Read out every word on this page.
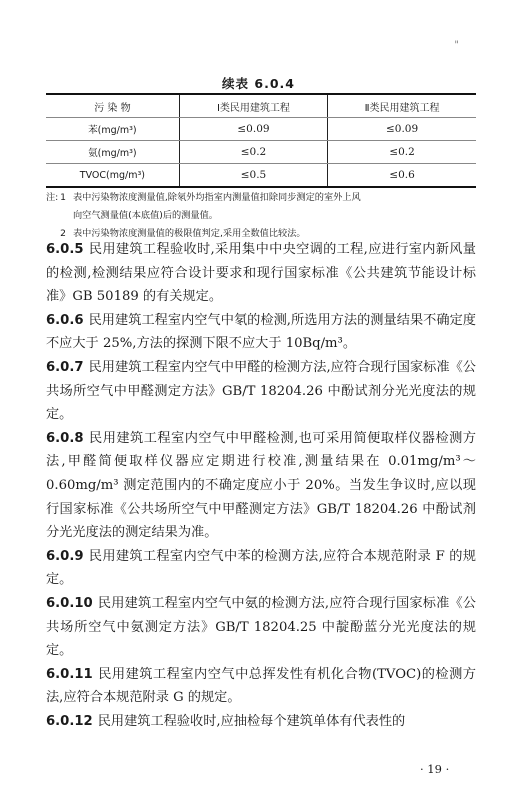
"
续表 6.0.4
污 染 物	Ⅰ类民用建筑工程	Ⅱ类民用建筑工程
苯(mg/m³)	≤0.09	≤0.09
氨(mg/m³)	≤0.2	≤0.2
TVOC(mg/m³)	≤0.5	≤0.6
注: 1 表中污染物浓度测量值,除氡外均指室内测量值扣除同步测定的室外上风
向空气测量值(本底值)后的测量值。
2 表中污染物浓度测量值的极限值判定,采用全数值比较法。

6.0.5 民用建筑工程验收时,采用集中中央空调的工程,应进行室内新风量的检测,检测结果应符合设计要求和现行国家标准《公共建筑节能设计标准》GB 50189 的有关规定。

6.0.6 民用建筑工程室内空气中氡的检测,所选用方法的测量结果不确定度不应大于 25%,方法的探测下限不应大于 10Bq/m³。

6.0.7 民用建筑工程室内空气中甲醛的检测方法,应符合现行国家标准《公共场所空气中甲醛测定方法》GB/T 18204.26 中酚试剂分光光度法的规定。

6.0.8 民用建筑工程室内空气中甲醛检测,也可采用简便取样仪器检测方法,甲醛简便取样仪器应定期进行校准,测量结果在 0.01mg/m³～0.60mg/m³ 测定范围内的不确定度应小于 20%。当发生争议时,应以现行国家标准《公共场所空气中甲醛测定方法》GB/T 18204.26 中酚试剂分光光度法的测定结果为准。

6.0.9 民用建筑工程室内空气中苯的检测方法,应符合本规范附录 F 的规定。

6.0.10 民用建筑工程室内空气中氨的检测方法,应符合现行国家标准《公共场所空气中氨测定方法》GB/T 18204.25 中靛酚蓝分光光度法的规定。

6.0.11 民用建筑工程室内空气中总挥发性有机化合物(TVOC)的检测方法,应符合本规范附录 G 的规定。

6.0.12 民用建筑工程验收时,应抽检每个建筑单体有代表性的

· 19 ·
